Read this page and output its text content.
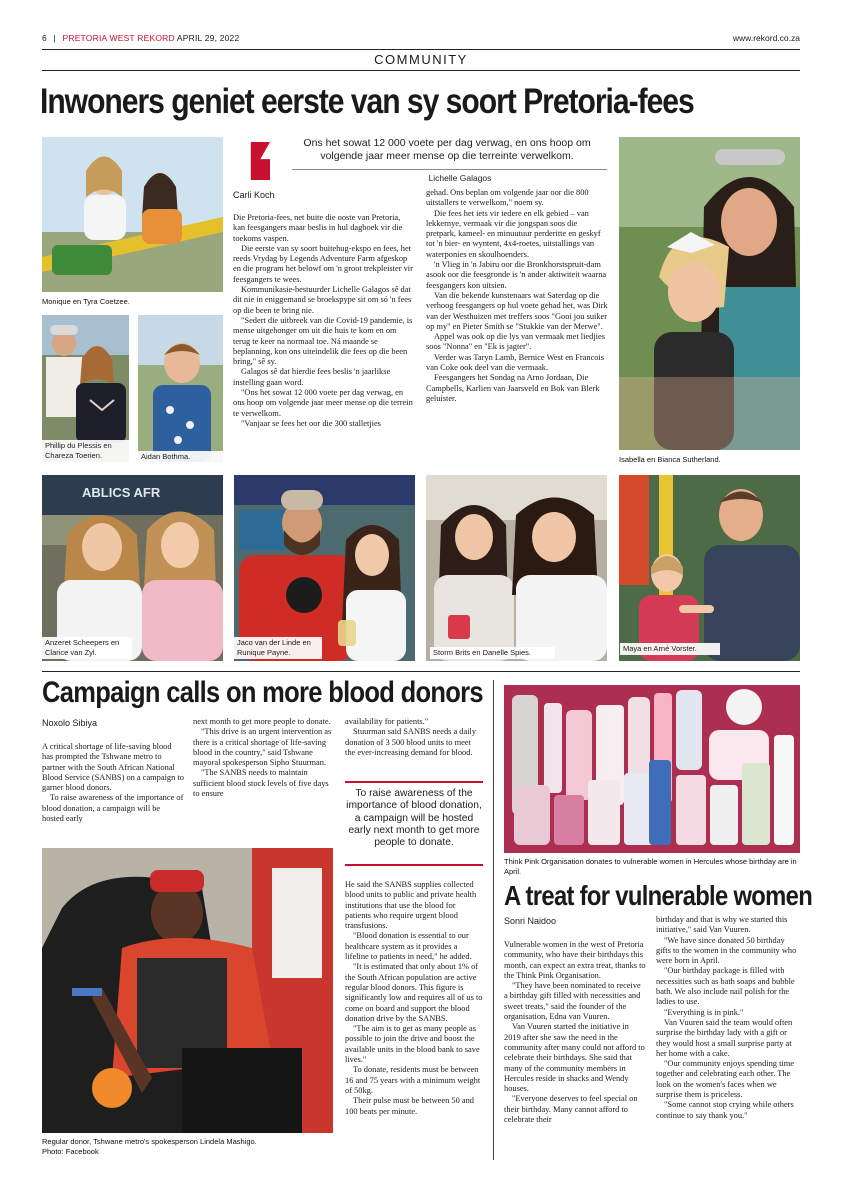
6 | PRETORIA WEST REKORD APRIL 29, 2022	www.rekord.co.za
COMMUNITY
Inwoners geniet eerste van sy soort Pretoria-fees
Monique en Tyra Coetzee.
Phillip du Plessis en Chareza Toerien.	Aidan Bothma.
Ons het sowat 12 000 voete per dag verwag, en ons hoop om volgende jaar meer mense op die terreinte verwelkom.
Lichelle Galagos
Carli Koch

Die Pretoria-fees, net buite die ooste van Pretoria, kan feesgangers maar beslis in hul dagboek vir die toekoms vaspen.

Die eerste van sy soort buitehug-ekspo en fees, het reeds Vrydag by Legends Adventure Farm afgeskop en die program het belowf om 'n groot trekpleister vir feesgangers te wees.

Kommunikasie-bestuurder Lichelle Galagos sê dat dit nie in eniggemand se broekspype sit om só 'n fees op die been te bring nie.

"Sedert die uitbreek van die Covid-19 pandemie, is mense uitgehonger om uit die huis te kom en om terug te keer na normaal toe. Ná maande se beplanning, kon ons uiteindelik die fees op die been bring," sê sy.

Galagos sê dat hierdie fees beslis 'n jaarlikse instelling gaan word.

"Ons het sowat 12 000 voete per dag verwag, en ons hoop om volgende jaar meer mense op die terrein te verwelkom.

"Vanjaar se fees het oor die 300 stalletjies

gehad. Ons beplan om volgende jaar oor die 800 uitstallers te verwelkom," noem sy.

Die fees het iets vir iedere en elk gebied – van lekkernye, vermaak vir die jongspan soos die pretpark, kameel- en minuutuur perderitte en geskyf tot 'n bier- en wyntent, 4x4-roetes, uitstallings van waterponies en skoulhoenders.

'n Vlieg in 'n Jabiru oor die Bronkhorstspruit-dam asook oor die feesgronde is 'n ander aktiwiteit waarna feesgangers kon uitsien.

Van die bekende kunstenaars wat Saterdag op die verhoog feesgangers op hul voete gehad het, was Dirk van der Westhuizen met treffers soos "Gooi jou suiker op my" en Pieter Smith se "Stukkie van der Merwe".

Appel was ook op die lys van vermaak met liedjies soos "Nonna" en "Ek is jagter".

Verder was Taryn Lamb, Bernice West en Francois van Coke ook deel van die vermaak.

Feesgangers het Sondag na Arno Jordaan, Die Campbells, Karlien van Jaarsveld en Bok van Blerk geluister.

Isabella en Bianca Sutherland.
ABLICS AFR
Anzeret Scheepers en Clarice van Zyl.
Jaco van der Linde en Runique Payne.	Storm Brits en Danelle Spies.	Maya en Arné Vorster.
Campaign calls on more blood donors
Noxolo Sibiya

A critical shortage of life-saving blood has prompted the Tshwane metro to partner with the South African National Blood Service (SANBS) on a campaign to garner blood donors.

To raise awareness of the importance of blood donation, a campaign will be hosted early

next month to get more people to donate.

"This drive is an urgent intervention as there is a critical shortage of life-saving blood in the country," said Tshwane mayoral spokesperson Sipho Stuurman.

"The SANBS needs to maintain sufficient blood stock levels of five days to ensure

availability for patients."

Stuurman said SANBS needs a daily donation of 3 500 blood units to meet the ever-increasing demand for blood.

To raise awareness of the importance of blood donation, a campaign will be hosted early next month to get more people to donate.

He said the SANBS supplies collected blood units to public and private health institutions that use the blood for patients who require urgent blood transfusions.

"Blood donation is essential to our healthcare system as it provides a lifeline to patients in need," he added.

"It is estimated that only about 1% of the South African population are active regular blood donors. This figure is significantly low and requires all of us to come on board and support the blood donation drive by the SANBS.

"The aim is to get as many people as possible to join the drive and boost the available units in the blood bank to save lives."

To donate, residents must be between 16 and 75 years with a minimum weight of 50kg.

Their pulse must be between 50 and 100 beats per minute.

Regular donor, Tshwane metro's spokesperson Lindela Mashigo.
Photo: Facebook
Think Pink Organisation donates to vulnerable women in Hercules whose birthday are in April.
A treat for vulnerable women
Sonri Naidoo

Vulnerable women in the west of Pretoria community, who have their birthdays this month, can expect an extra treat, thanks to the Think Pink Organisation.

"They have been nominated to receive a birthday gift filled with necessities and sweet treats," said the founder of the organisation, Edna van Vuuren.

Van Vuuren started the initiative in 2019 after she saw the need in the community after many could not afford to celebrate their birthdays. She said that many of the community members in Hercules reside in shacks and Wendy houses.

"Everyone deserves to feel special on their birthday. Many cannot afford to celebrate their

birthday and that is why we started this initiative," said Van Vuuren.

"We have since donated 50 birthday gifts to the women in the community who were born in April.

"Our birthday package is filled with necessities such as bath soaps and bubble bath. We also include nail polish for the ladies to use.

"Everything is in pink."

Van Vuuren said the team would often surprise the birthday lady with a gift or they would host a small surprise party at her home with a cake.

"Our community enjoys spending time together and celebrating each other. The look on the women's faces when we surprise them is priceless.

"Some cannot stop crying while others continue to say thank you."
